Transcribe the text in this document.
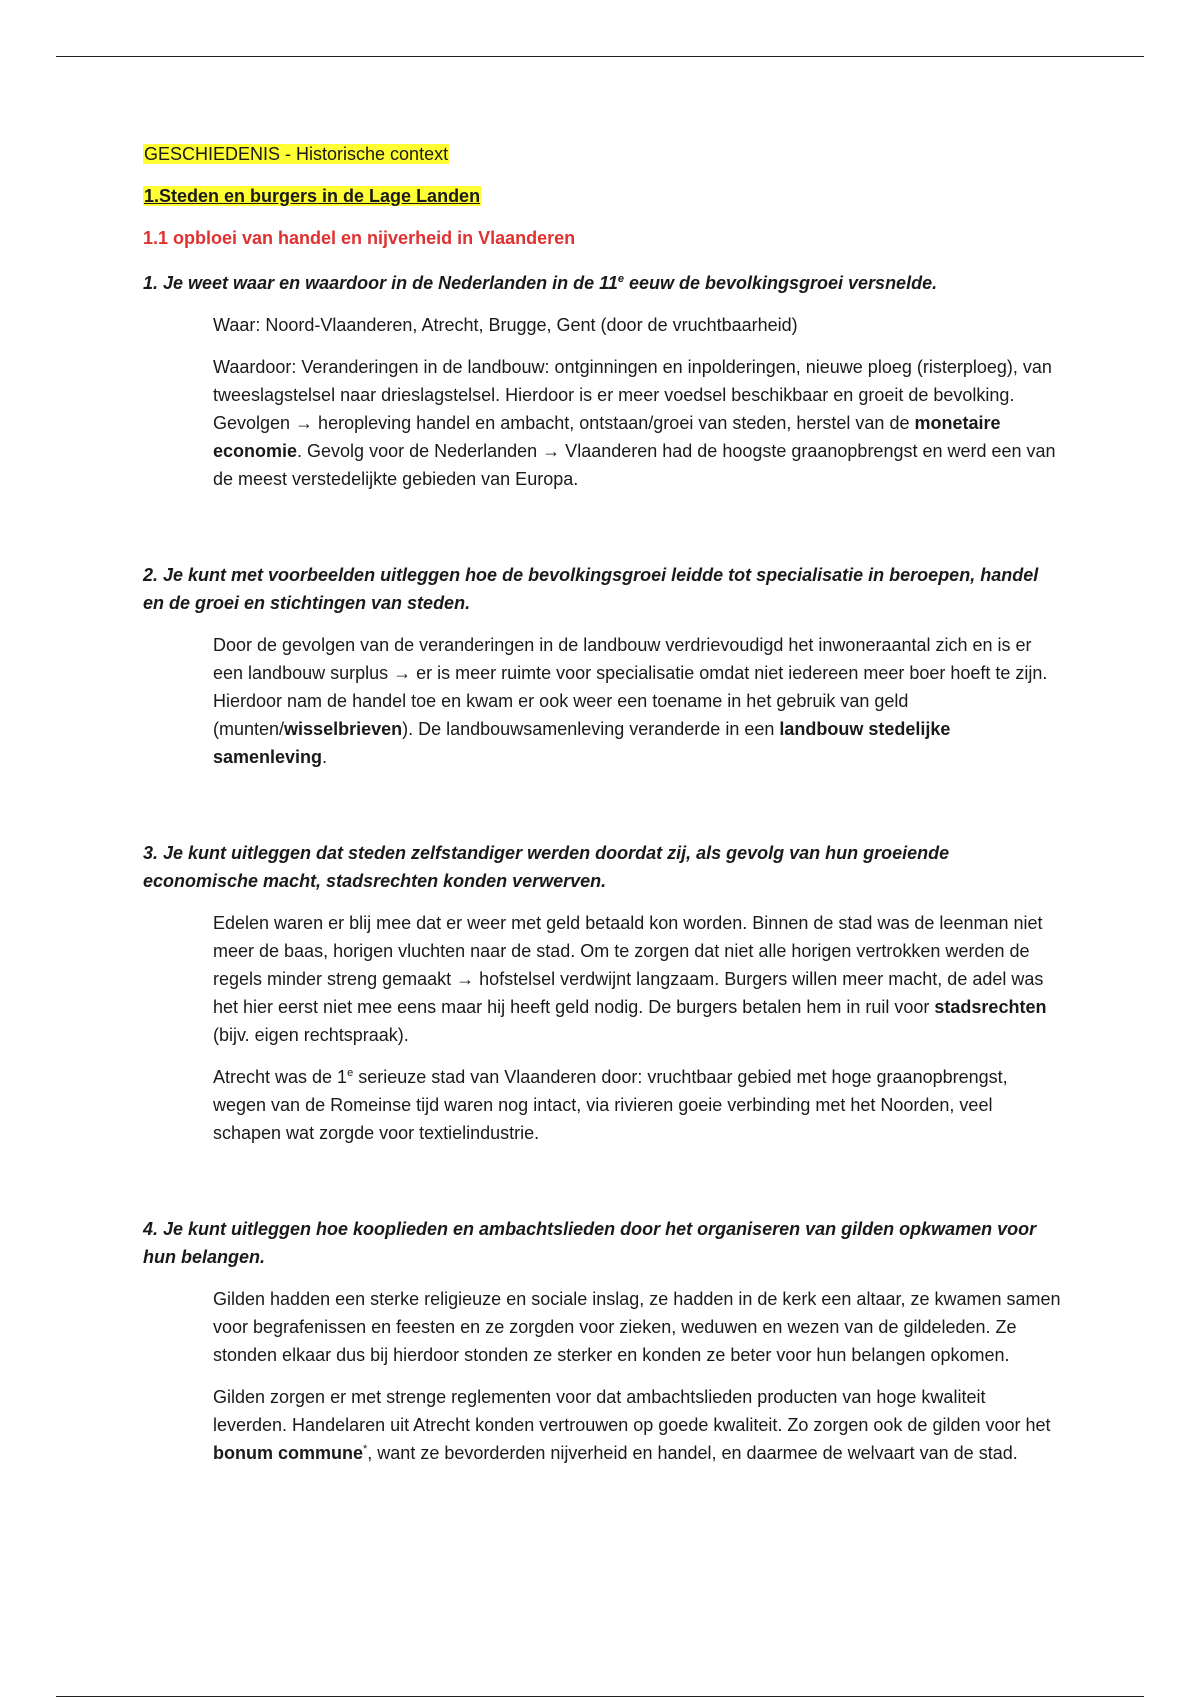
GESCHIEDENIS - Historische context

1.Steden en burgers in de Lage Landen

1.1 opbloei van handel en nijverheid in Vlaanderen

1. Je weet waar en waardoor in de Nederlanden in de 11e eeuw de bevolkingsgroei versnelde.

Waar: Noord-Vlaanderen, Atrecht, Brugge, Gent (door de vruchtbaarheid)

Waardoor: Veranderingen in de landbouw: ontginningen en inpolderingen, nieuwe ploeg (risterploeg), van tweeslagstelsel naar drieslagstelsel. Hierdoor is er meer voedsel beschikbaar en groeit de bevolking. Gevolgen → heropleving handel en ambacht, ontstaan/groei van steden, herstel van de monetaire economie. Gevolg voor de Nederlanden → Vlaanderen had de hoogste graanopbrengst en werd een van de meest verstedelijkte gebieden van Europa.

2. Je kunt met voorbeelden uitleggen hoe de bevolkingsgroei leidde tot specialisatie in beroepen, handel en de groei en stichtingen van steden.

Door de gevolgen van de veranderingen in de landbouw verdrievoudigd het inwoneraantal zich en is er een landbouw surplus → er is meer ruimte voor specialisatie omdat niet iedereen meer boer hoeft te zijn. Hierdoor nam de handel toe en kwam er ook weer een toename in het gebruik van geld (munten/wisselbrieven). De landbouwsamenleving veranderde in een landbouw stedelijke samenleving.

3. Je kunt uitleggen dat steden zelfstandiger werden doordat zij, als gevolg van hun groeiende economische macht, stadsrechten konden verwerven.

Edelen waren er blij mee dat er weer met geld betaald kon worden. Binnen de stad was de leenman niet meer de baas, horigen vluchten naar de stad. Om te zorgen dat niet alle horigen vertrokken werden de regels minder streng gemaakt → hofstelsel verdwijnt langzaam. Burgers willen meer macht, de adel was het hier eerst niet mee eens maar hij heeft geld nodig. De burgers betalen hem in ruil voor stadsrechten (bijv. eigen rechtspraak).

Atrecht was de 1e serieuze stad van Vlaanderen door: vruchtbaar gebied met hoge graanopbrengst, wegen van de Romeinse tijd waren nog intact, via rivieren goeie verbinding met het Noorden, veel schapen wat zorgde voor textielindustrie.

4. Je kunt uitleggen hoe kooplieden en ambachtslieden door het organiseren van gilden opkwamen voor hun belangen.

Gilden hadden een sterke religieuze en sociale inslag, ze hadden in de kerk een altaar, ze kwamen samen voor begrafenissen en feesten en ze zorgden voor zieken, weduwen en wezen van de gildeleden. Ze stonden elkaar dus bij hierdoor stonden ze sterker en konden ze beter voor hun belangen opkomen.

Gilden zorgen er met strenge reglementen voor dat ambachtslieden producten van hoge kwaliteit leverden. Handelaren uit Atrecht konden vertrouwen op goede kwaliteit. Zo zorgen ook de gilden voor het bonum commune*, want ze bevorderden nijverheid en handel, en daarmee de welvaart van de stad.
